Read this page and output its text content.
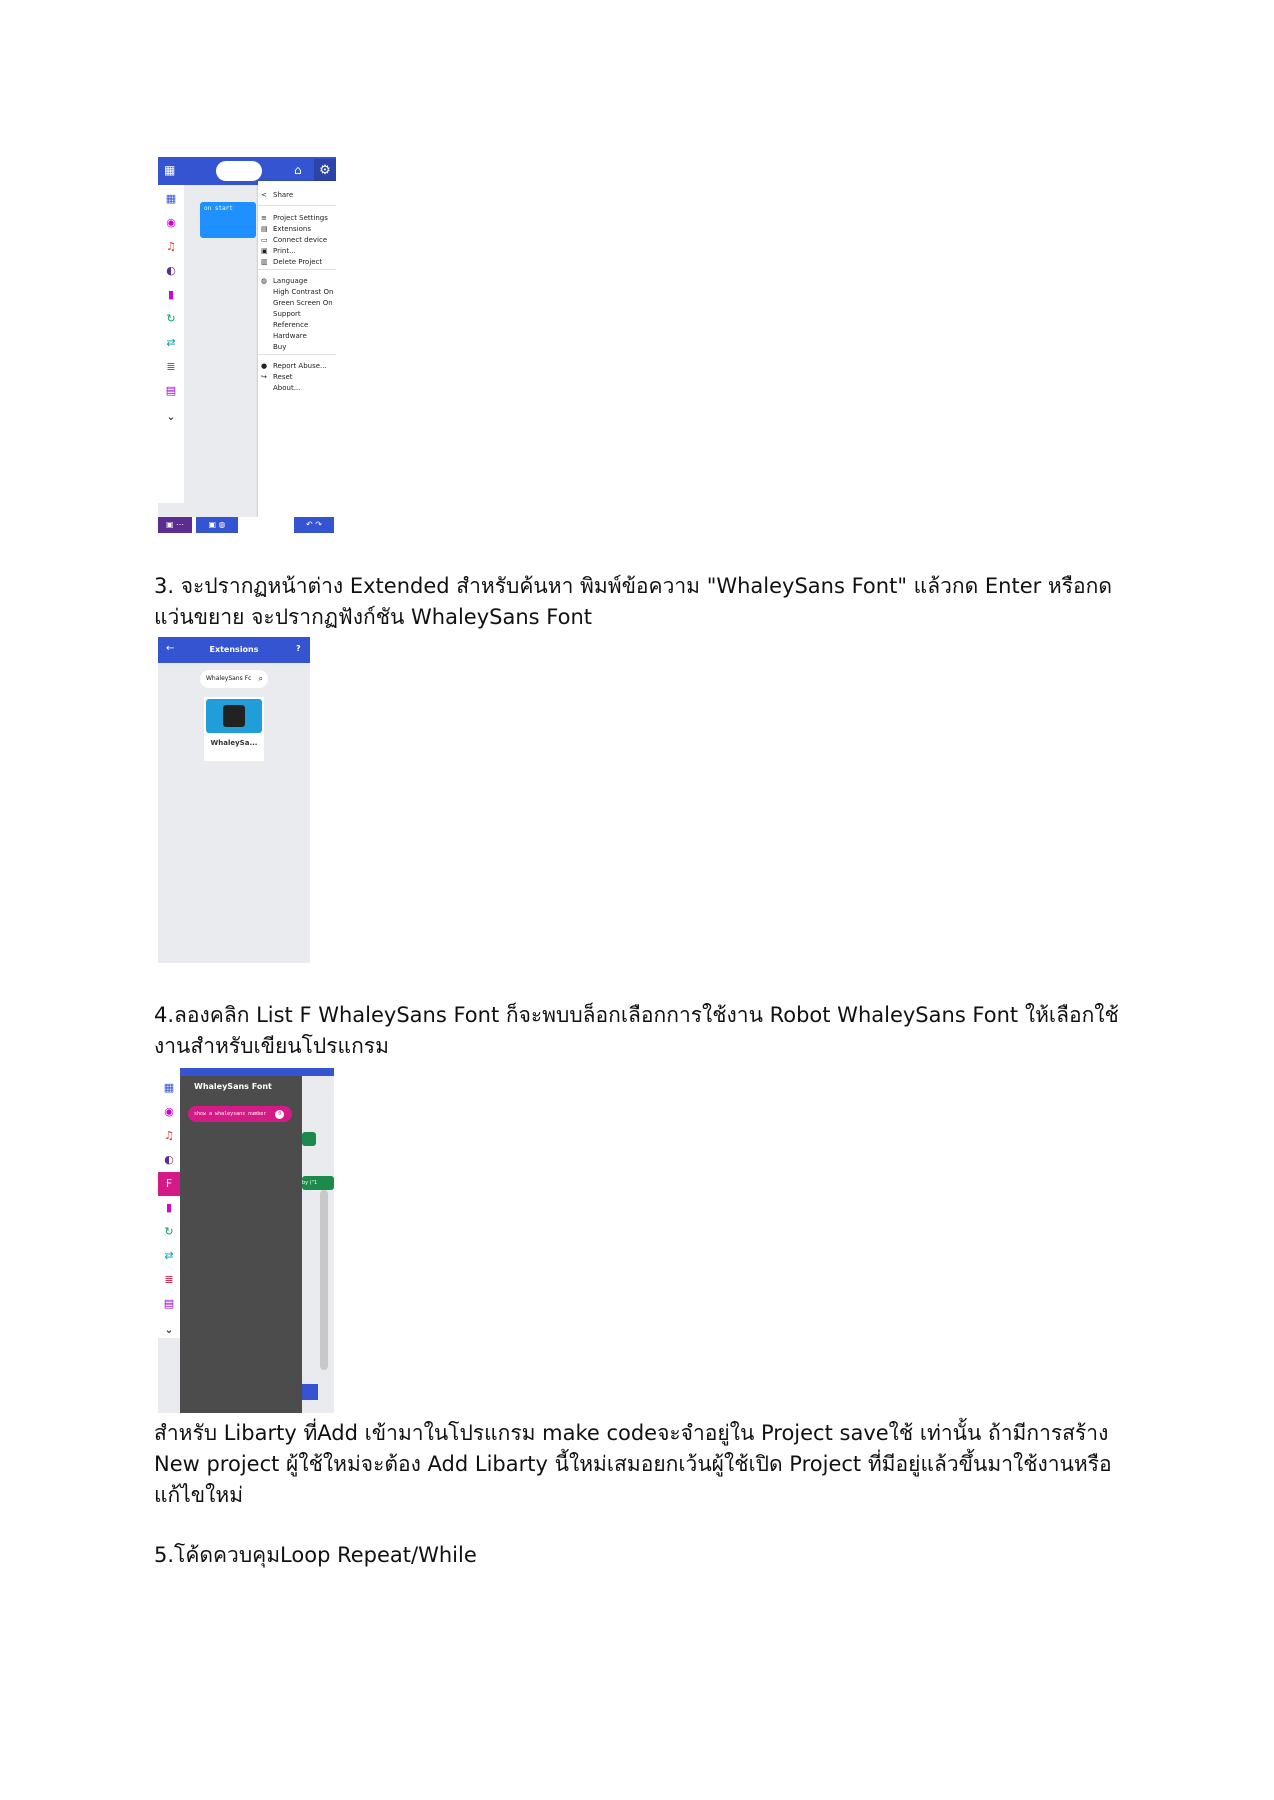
▦	⌂	⚙
▦
◉
♫
◐
▮
↻
⇄
≣
▤
⌄
on start
< Share
≡ Project Settings
▤ Extensions
▭ Connect device
▣ Print...
▥ Delete Project
◍ Language
High Contrast On
Green Screen On
Support
Reference
Hardware
Buy
● Report Abuse...
↪ Reset
About...
▣ ⋯	▣ ◍	↶ ↷

3. จะปรากฏหน้าต่าง Extended สำหรับค้นหา พิมพ์ข้อความ "WhaleySans Font" แล้วกด Enter หรือกดแว่นขยาย จะปรากฏฟังก์ชัน WhaleySans Font

←	Extensions	?
WhaleySans Fc ⌕
WhaleySa...

4.ลองคลิก List F WhaleySans Font ก็จะพบบล็อกเลือกการใช้งาน Robot WhaleySans Font ให้เลือกใช้งานสำหรับเขียนโปรแกรม

▦
◉
♫
◐
F
▮
↻
⇄
≣
▤
⌄
by ("1
WhaleySans Font
show a whaleysans number 0

สำหรับ Libarty ที่Add เข้ามาในโปรแกรม make codeจะจำอยู่ใน Project saveใช้ เท่านั้น ถ้ามีการสร้าง New project ผู้ใช้ใหม่จะต้อง Add Libarty นี้ใหม่เสมอยกเว้นผู้ใช้เปิด Project ที่มีอยู่แล้วขึ้นมาใช้งานหรือแก้ไขใหม่

5.โค้ดควบคุมLoop Repeat/While
